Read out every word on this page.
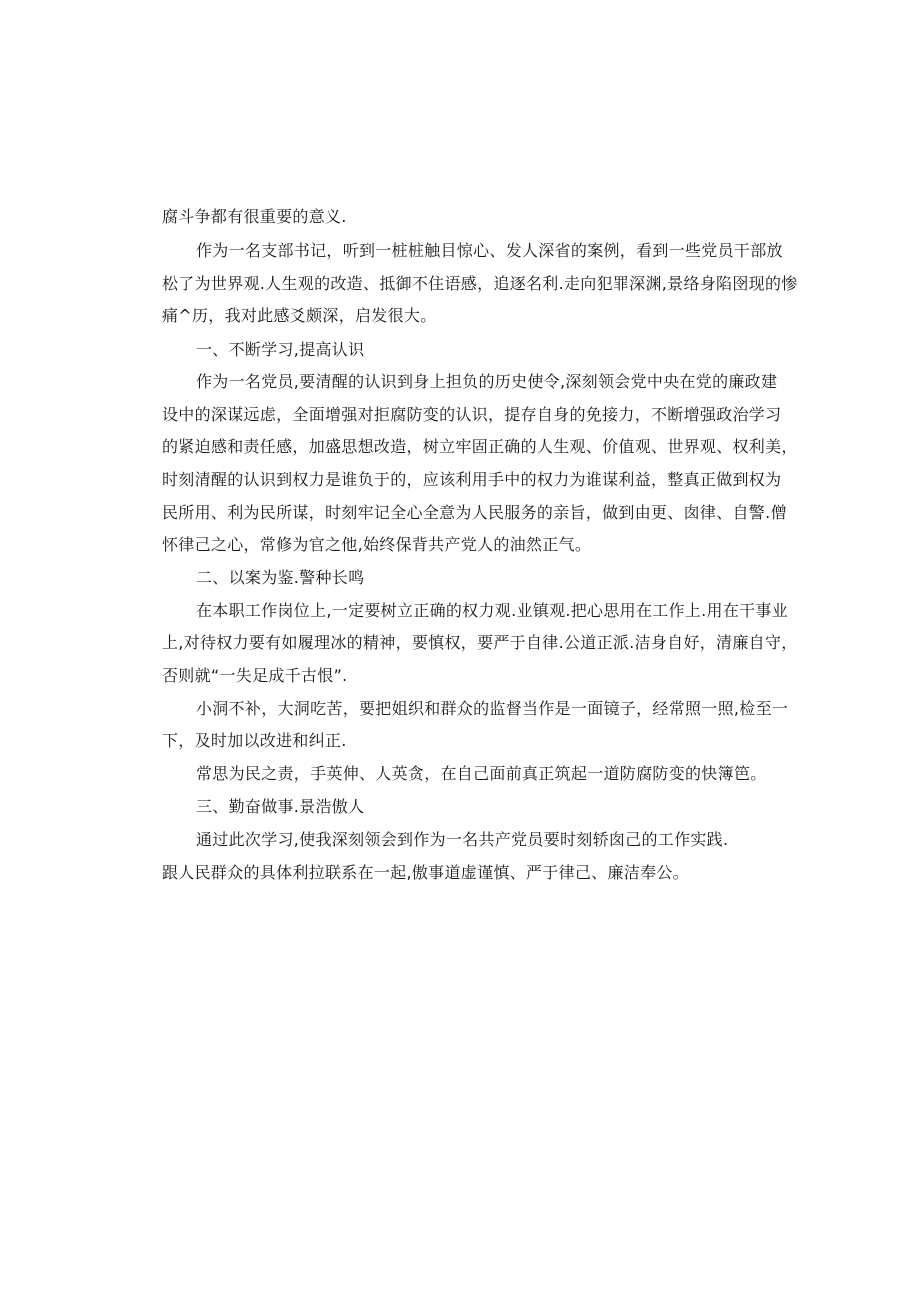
腐斗争都有很重要的意义.
作为一名支部书记，听到一桩桩触目惊心、发人深省的案例，看到一些党员干部放
松了为世界观.人生观的改造、抵御不住语感，追逐名利.走向犯罪深渊,景络身陷囹现的惨
痛^历，我对此感爻颇深，启发很大。
一、不断学习,提高认识
作为一名党员,要清醒的认识到身上担负的历史使令,深刻领会党中央在党的廉政建
设中的深谋远虑，全面增强对拒腐防变的认识，提存自身的免接力，不断增强政治学习
的紧迫感和责任感，加盛思想改造，树立牢固正确的人生观、价值观、世界观、权利美，
时刻清醒的认识到权力是谁负于的，应该利用手中的权力为谁谋利益，整真正做到权为
民所用、利为民所谋，时刻牢记全心全意为人民服务的亲旨，做到由更、囱律、自警.僧
怀律己之心，常修为官之他,始终保背共产党人的油然正气。
二、以案为鉴.警种长鸣
在本职工作岗位上,一定要树立正确的权力观.业镇观.把心思用在工作上.用在干事业
上,对待权力要有如履理冰的精神，要慎权，要严于自律.公道正派.洁身自好，清廉自守，
否则就“一失足成千古恨”.
小洞不补，大洞吃苦，要把姐织和群众的监督当作是一面镜子，经常照一照,检至一
下，及时加以改进和纠正.
常思为民之责，手英伸、人英贪，在自己面前真正筑起一道防腐防变的快簿笆。
三、勤奋做事.景浩傲人
通过此次学习,使我深刻领会到作为一名共产党员要时刻轿囱己的工作实践.
跟人民群众的具体利拉联系在一起,傲事道虚谨慎、严于律己、廉洁奉公。
